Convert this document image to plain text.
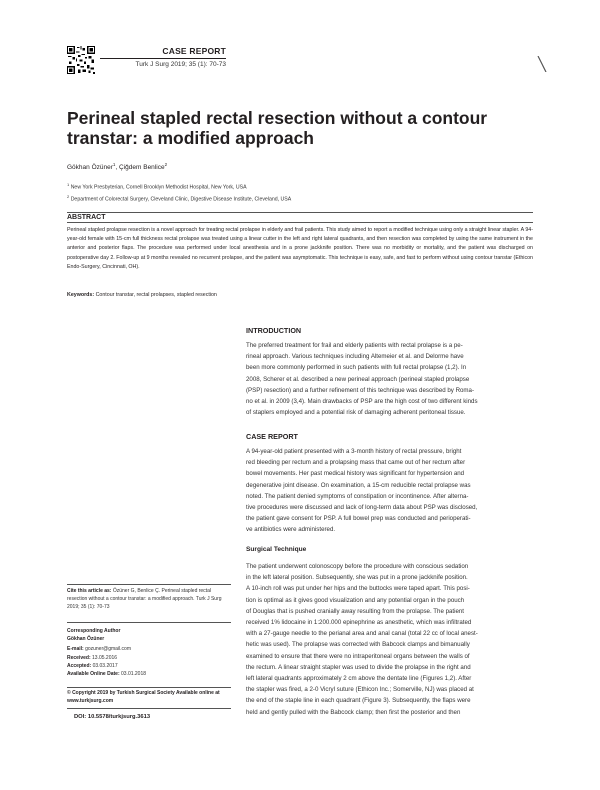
CASE REPORT
Turk J Surg 2019; 35 (1): 70-73
Perineal stapled rectal resection without a contour transtar: a modified approach
Gökhan Özüner$^1$, Çiğdem Benlice$^2$
$^1$ New York Presbyterian, Cornell Brooklyn Methodist Hospital, New York, USA
$^2$ Department of Colorectal Surgery, Cleveland Clinic, Digestive Disease Institute, Cleveland, USA
ABSTRACT
Perineal stapled prolapse resection is a novel approach for treating rectal prolapse in elderly and frail patients. This study aimed to report a modified technique using only a straight linear stapler. A 94-year-old female with 15-cm full thickness rectal prolapse was treated using a linear cutter in the left and right lateral quadrants, and then resection was completed by using the same instrument in the anterior and posterior flaps. The procedure was performed under local anesthesia and in a prone jackknife position. There was no morbidity or mortality, and the patient was discharged on postoperative day 2. Follow-up at 9 months revealed no recurrent prolapse, and the patient was asymptomatic. This technique is easy, safe, and fast to perform without using contour transtar (Ethicon Endo-Surgery, Cincinnati, OH).
Keywords: Contour transtar, rectal prolapses, stapled resection
INTRODUCTION
The preferred treatment for frail and elderly patients with rectal prolapse is a pe-
rineal approach. Various techniques including Altemeier et al. and Delorme have
been more commonly performed in such patients with full rectal prolapse (1,2). In
2008, Scherer et al. described a new perineal approach (perineal stapled prolapse
(PSP) resection) and a further refinement of this technique was described by Roma-
no et al. in 2009 (3,4). Main drawbacks of PSP are the high cost of two different kinds
of staplers employed and a potential risk of damaging adherent peritoneal tissue.
CASE REPORT
A 94-year-old patient presented with a 3-month history of rectal pressure, bright
red bleeding per rectum and a prolapsing mass that came out of her rectum after
bowel movements. Her past medical history was significant for hypertension and
degenerative joint disease. On examination, a 15-cm reducible rectal prolapse was
noted. The patient denied symptoms of constipation or incontinence. After alterna-
tive procedures were discussed and lack of long-term data about PSP was disclosed,
the patient gave consent for PSP. A full bowel prep was conducted and perioperati-
ve antibiotics were administered.
Surgical Technique
The patient underwent colonoscopy before the procedure with conscious sedation
in the left lateral position. Subsequently, she was put in a prone jackknife position.
A 10-inch roll was put under her hips and the buttocks were taped apart. This posi-
tion is optimal as it gives good visualization and any potential organ in the pouch
of Douglas that is pushed cranially away resulting from the prolapse. The patient
received 1% lidocaine in 1:200.000 epinephrine as anesthetic, which was infiltrated
with a 27-gauge needle to the perianal area and anal canal (total 22 cc of local anest-
hetic was used). The prolapse was corrected with Babcock clamps and bimanually
examined to ensure that there were no intraperitoneal organs between the walls of
the rectum. A linear straight stapler was used to divide the prolapse in the right and
left lateral quadrants approximately 2 cm above the dentate line (Figures 1,2). After
the stapler was fired, a 2-0 Vicryl suture (Ethicon Inc.; Somerville, NJ) was placed at
the end of the staple line in each quadrant (Figure 3). Subsequently, the flaps were
held and gently pulled with the Babcock clamp; then first the posterior and then
Cite this article as: Özüner G, Benlice Ç. Perineal stapled rectal resection without a contour transtar: a modified approach. Turk J Surg 2019; 35 (1): 70-73
Corresponding Author
Gökhan Özüner
E-mail: gozuner@gmail.com
Received: 13.05.2016
Accepted: 03.03.2017
Available Online Date: 03.01.2018
© Copyright 2019 by Turkish Surgical Society Available online at
www.turkjsurg.com
DOI: 10.5578/turkjsurg.3613
